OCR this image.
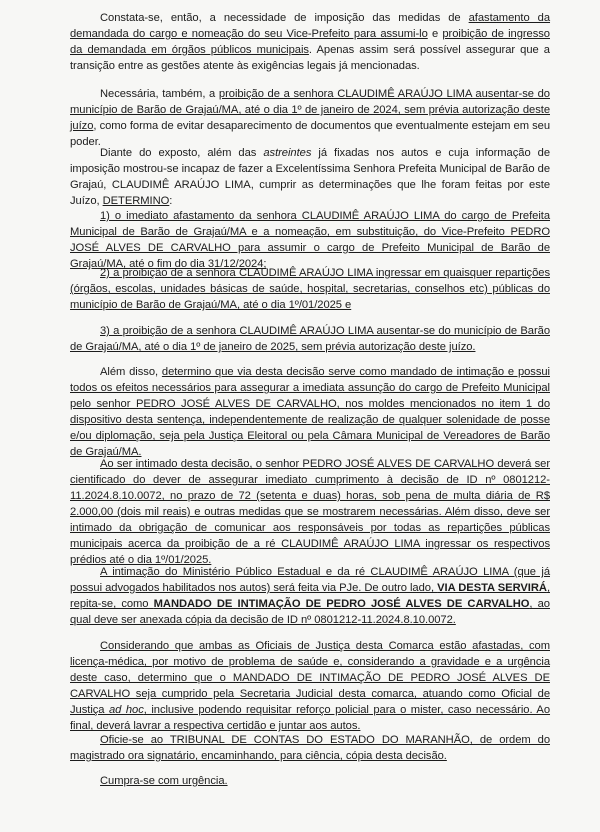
Constata-se, então, a necessidade de imposição das medidas de afastamento da demandada do cargo e nomeação do seu Vice-Prefeito para assumi-lo e proibição de ingresso da demandada em órgãos públicos municipais. Apenas assim será possível assegurar que a transição entre as gestões atente às exigências legais já mencionadas.

Necessária, também, a proibição de a senhora CLAUDIMÊ ARAÚJO LIMA ausentar-se do município de Barão de Grajaú/MA, até o dia 1º de janeiro de 2024, sem prévia autorização deste juízo, como forma de evitar desaparecimento de documentos que eventualmente estejam em seu poder.

Diante do exposto, além das astreintes já fixadas nos autos e cuja informação de imposição mostrou-se incapaz de fazer a Excelentíssima Senhora Prefeita Municipal de Barão de Grajaú, CLAUDIMÊ ARAÚJO LIMA, cumprir as determinações que lhe foram feitas por este Juízo, DETERMINO:

1) o imediato afastamento da senhora CLAUDIMÊ ARAÚJO LIMA do cargo de Prefeita Municipal de Barão de Grajaú/MA e a nomeação, em substituição, do Vice-Prefeito PEDRO JOSÉ ALVES DE CARVALHO para assumir o cargo de Prefeito Municipal de Barão de Grajaú/MA, até o fim do dia 31/12/2024;

2) a proibição de a senhora CLAUDIMÊ ARAÚJO LIMA ingressar em quaisquer repartições (órgãos, escolas, unidades básicas de saúde, hospital, secretarias, conselhos etc) públicas do município de Barão de Grajaú/MA, até o dia 1º/01/2025 e

3) a proibição de a senhora CLAUDIMÊ ARAÚJO LIMA ausentar-se do município de Barão de Grajaú/MA, até o dia 1º de janeiro de 2025, sem prévia autorização deste juízo.

Além disso, determino que via desta decisão serve como mandado de intimação e possui todos os efeitos necessários para assegurar a imediata assunção do cargo de Prefeito Municipal pelo senhor PEDRO JOSÉ ALVES DE CARVALHO, nos moldes mencionados no item 1 do dispositivo desta sentença, independentemente de realização de qualquer solenidade de posse e/ou diplomação, seja pela Justiça Eleitoral ou pela Câmara Municipal de Vereadores de Barão de Grajaú/MA.

Ao ser intimado desta decisão, o senhor PEDRO JOSÉ ALVES DE CARVALHO deverá ser cientificado do dever de assegurar imediato cumprimento à decisão de ID nº 0801212-11.2024.8.10.0072, no prazo de 72 (setenta e duas) horas, sob pena de multa diária de R$ 2.000,00 (dois mil reais) e outras medidas que se mostrarem necessárias. Além disso, deve ser intimado da obrigação de comunicar aos responsáveis por todas as repartições públicas municipais acerca da proibição de a ré CLAUDIMÊ ARAÚJO LIMA ingressar os respectivos prédios até o dia 1º/01/2025.

A intimação do Ministério Público Estadual e da ré CLAUDIMÊ ARAÚJO LIMA (que já possui advogados habilitados nos autos) será feita via PJe. De outro lado, VIA DESTA SERVIRÁ, repita-se, como MANDADO DE INTIMAÇÃO DE PEDRO JOSÉ ALVES DE CARVALHO, ao qual deve ser anexada cópia da decisão de ID nº 0801212-11.2024.8.10.0072.

Considerando que ambas as Oficiais de Justiça desta Comarca estão afastadas, com licença-médica, por motivo de problema de saúde e, considerando a gravidade e a urgência deste caso, determino que o MANDADO DE INTIMAÇÃO DE PEDRO JOSÉ ALVES DE CARVALHO seja cumprido pela Secretaria Judicial desta comarca, atuando como Oficial de Justiça ad hoc, inclusive podendo requisitar reforço policial para o mister, caso necessário. Ao final, deverá lavrar a respectiva certidão e juntar aos autos.

Oficie-se ao TRIBUNAL DE CONTAS DO ESTADO DO MARANHÃO, de ordem do magistrado ora signatário, encaminhando, para ciência, cópia desta decisão.

Cumpra-se com urgência.
